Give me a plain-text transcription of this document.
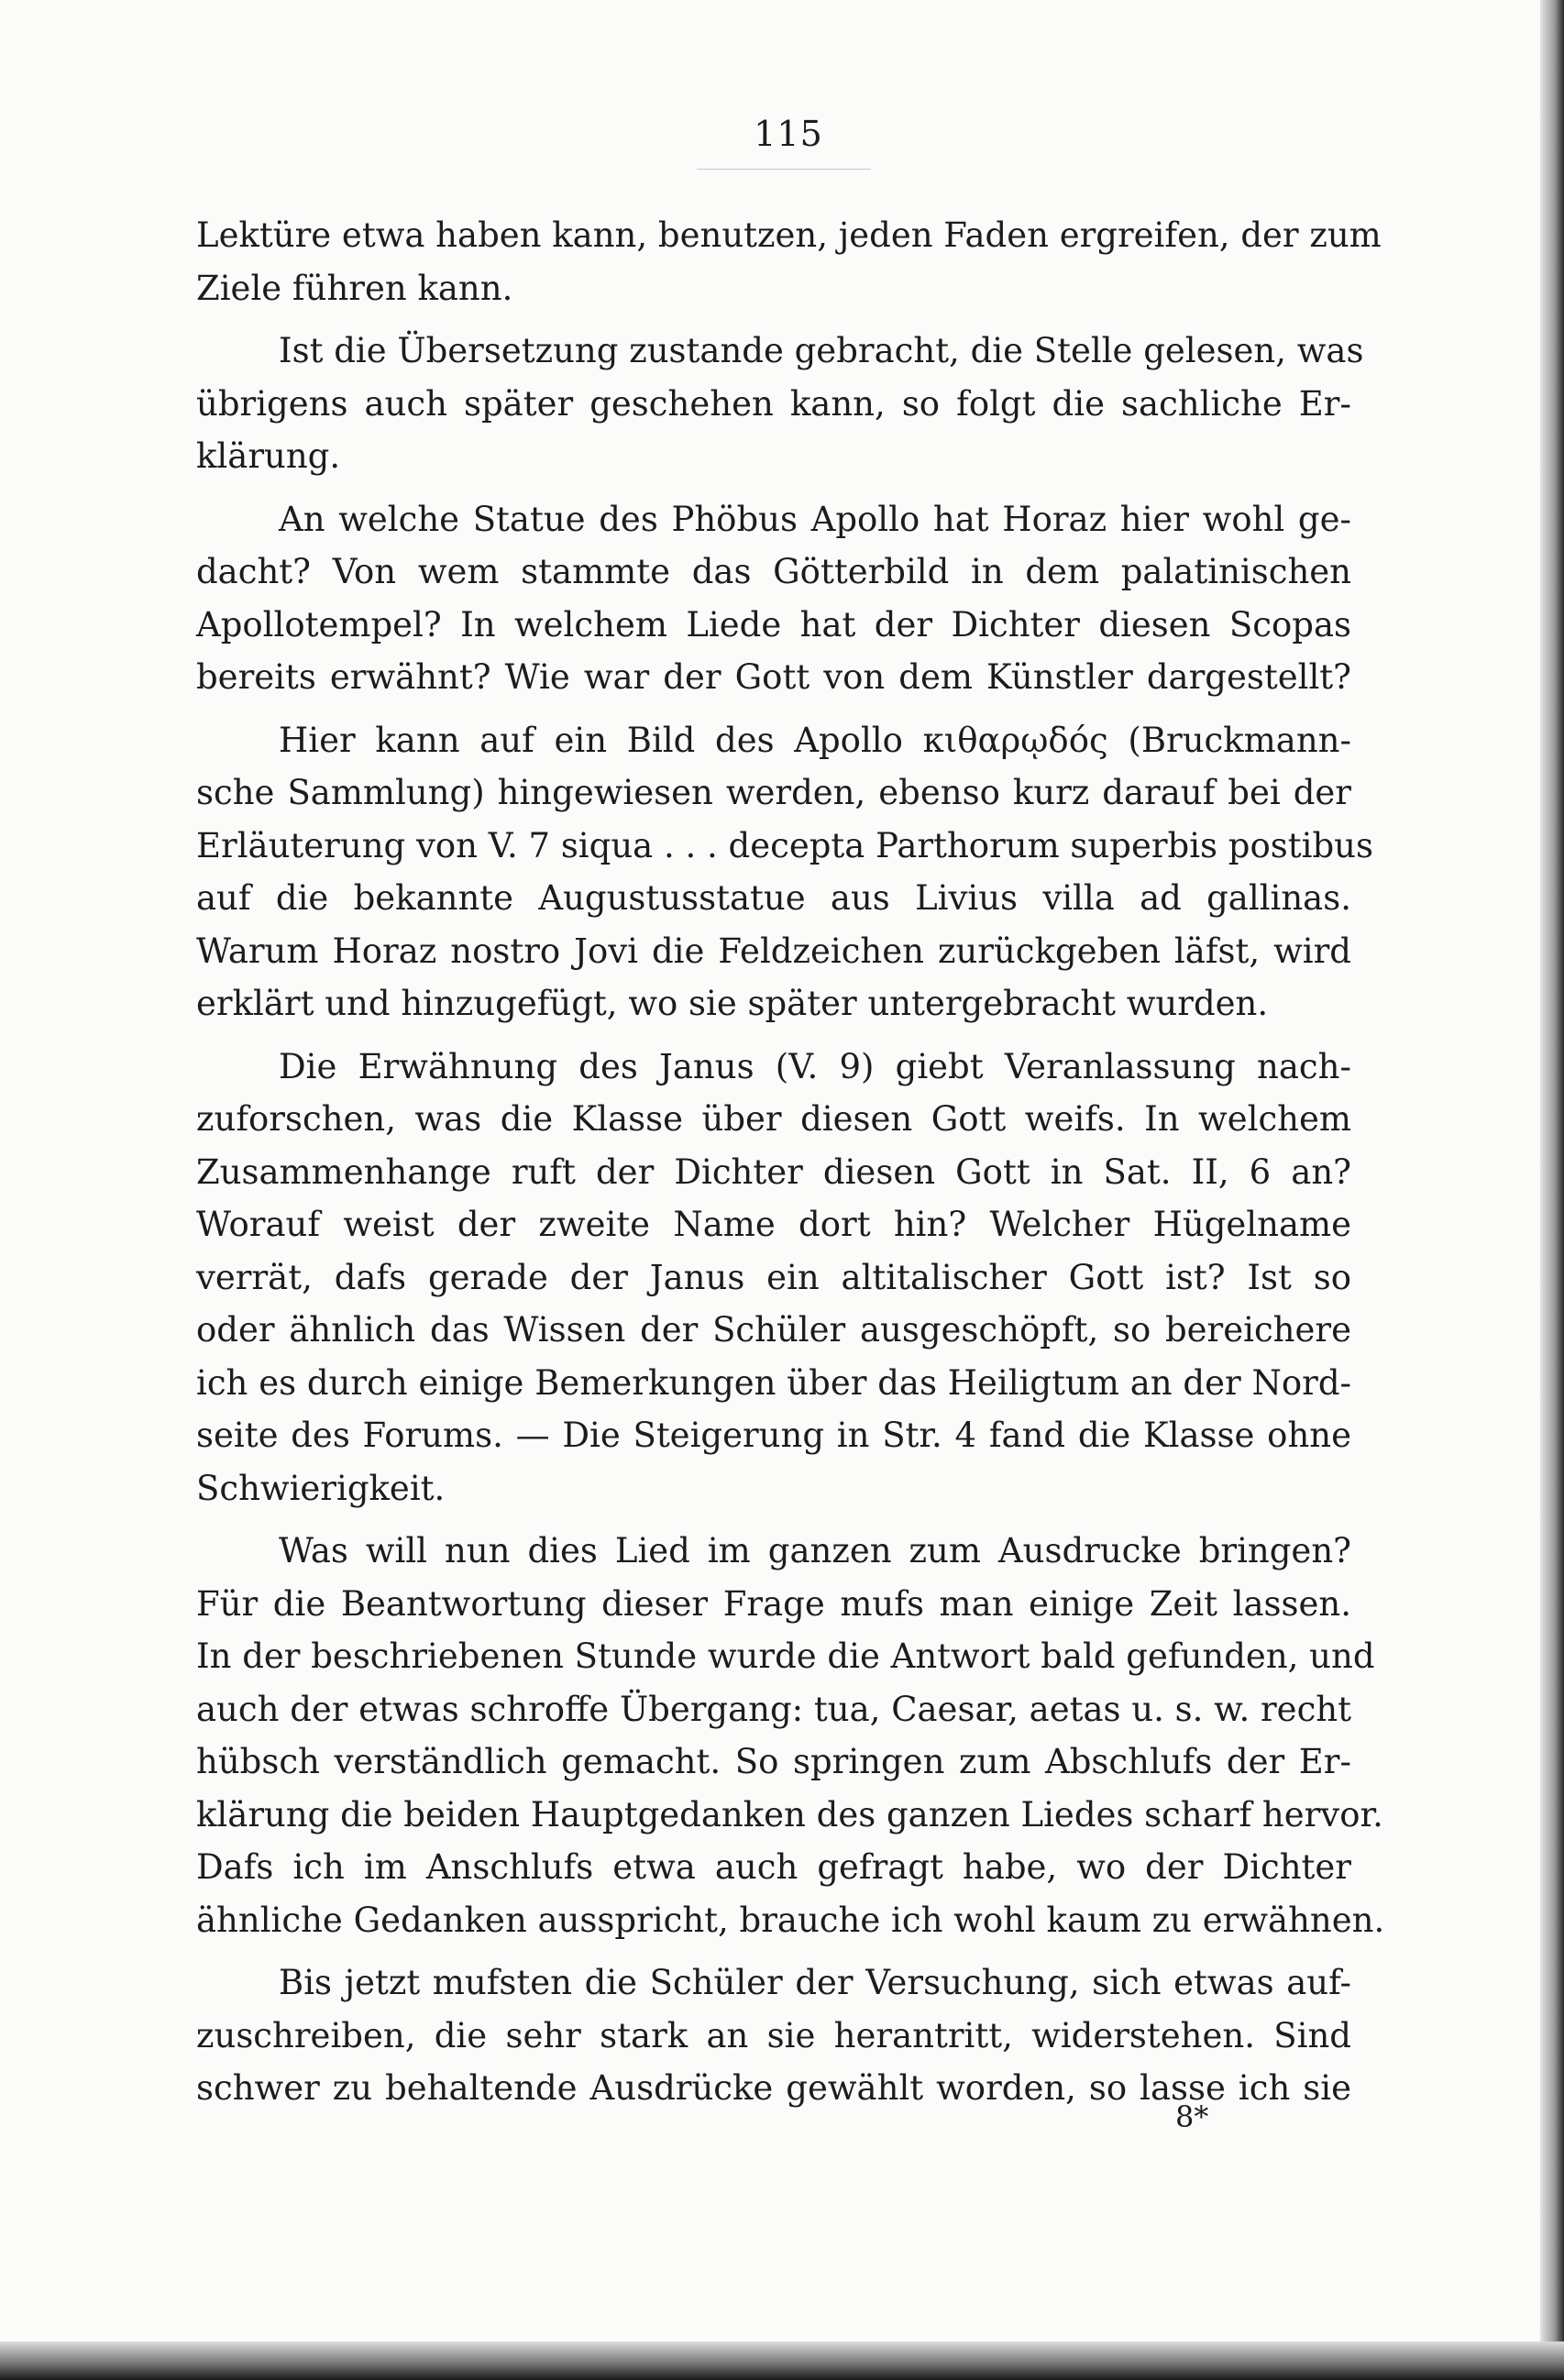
115
Lektüre etwa haben kann, benutzen, jeden Faden ergreifen, der zum
Ziele führen kann.
Ist die Übersetzung zustande gebracht, die Stelle gelesen, was
übrigens auch später geschehen kann, so folgt die sachliche Er-
klärung.
An welche Statue des Phöbus Apollo hat Horaz hier wohl ge-
dacht? Von wem stammte das Götterbild in dem palatinischen
Apollotempel? In welchem Liede hat der Dichter diesen Scopas
bereits erwähnt? Wie war der Gott von dem Künstler dargestellt?
Hier kann auf ein Bild des Apollo κιθαρῳδός (Bruckmann-
sche Sammlung) hingewiesen werden, ebenso kurz darauf bei der
Erläuterung von V. 7 siqua . . . decepta Parthorum superbis postibus
auf die bekannte Augustusstatue aus Livius villa ad gallinas.
Warum Horaz nostro Jovi die Feldzeichen zurückgeben läfst, wird
erklärt und hinzugefügt, wo sie später untergebracht wurden.
Die Erwähnung des Janus (V. 9) giebt Veranlassung nach-
zuforschen, was die Klasse über diesen Gott weifs. In welchem
Zusammenhange ruft der Dichter diesen Gott in Sat. II, 6 an?
Worauf weist der zweite Name dort hin? Welcher Hügelname
verrät, dafs gerade der Janus ein altitalischer Gott ist? Ist so
oder ähnlich das Wissen der Schüler ausgeschöpft, so bereichere
ich es durch einige Bemerkungen über das Heiligtum an der Nord-
seite des Forums. — Die Steigerung in Str. 4 fand die Klasse ohne
Schwierigkeit.
Was will nun dies Lied im ganzen zum Ausdrucke bringen?
Für die Beantwortung dieser Frage mufs man einige Zeit lassen.
In der beschriebenen Stunde wurde die Antwort bald gefunden, und
auch der etwas schroffe Übergang: tua, Caesar, aetas u. s. w. recht
hübsch verständlich gemacht. So springen zum Abschlufs der Er-
klärung die beiden Hauptgedanken des ganzen Liedes scharf hervor.
Dafs ich im Anschlufs etwa auch gefragt habe, wo der Dichter
ähnliche Gedanken ausspricht, brauche ich wohl kaum zu erwähnen.
Bis jetzt mufsten die Schüler der Versuchung, sich etwas auf-
zuschreiben, die sehr stark an sie herantritt, widerstehen. Sind
schwer zu behaltende Ausdrücke gewählt worden, so lasse ich sie
8*
